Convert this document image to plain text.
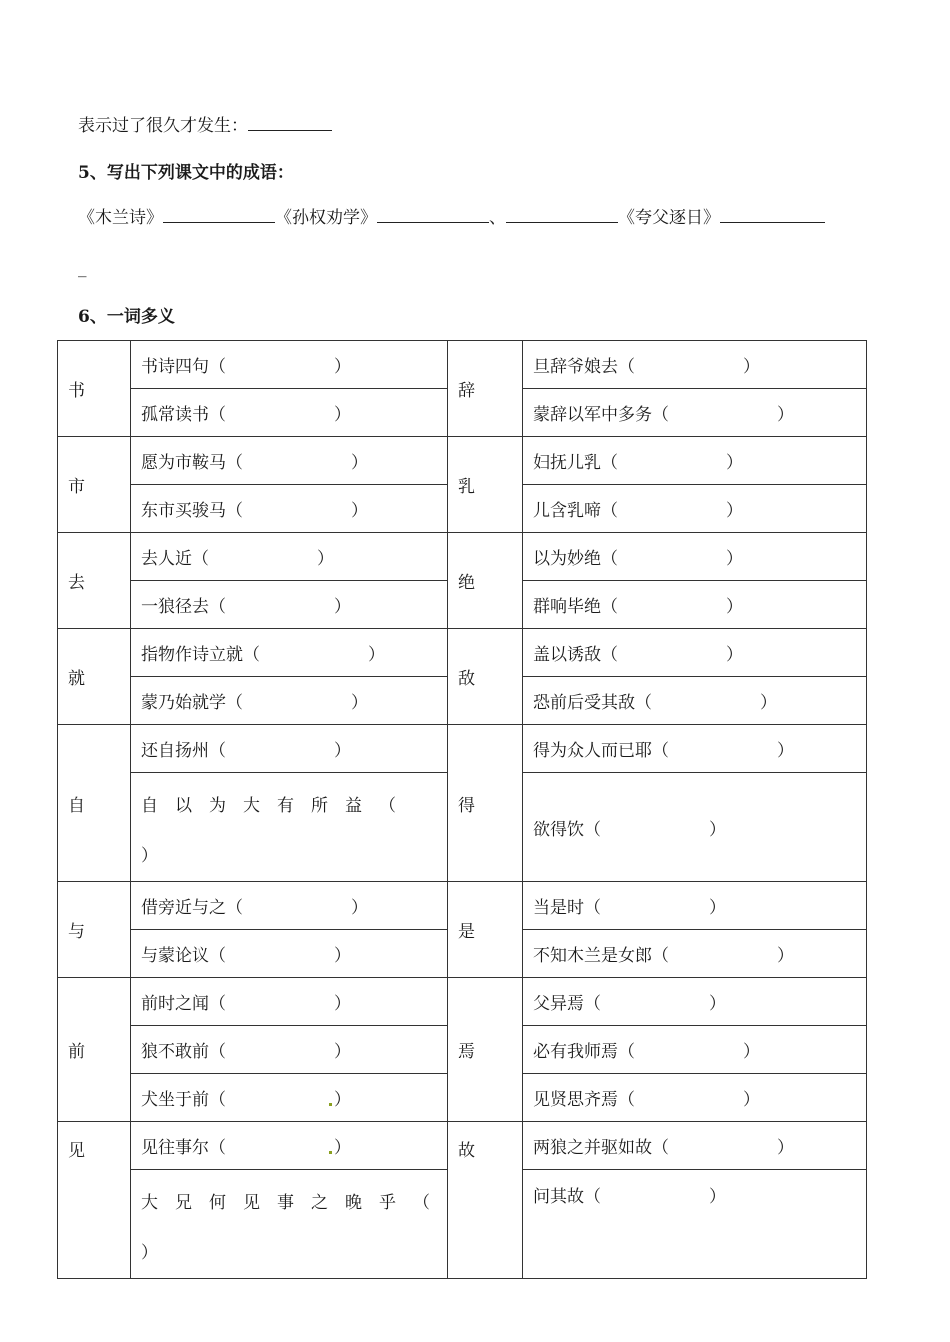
表示过了很久才发生：
5、写出下列课文中的成语：
《木兰诗》	《孙权劝学》	、	《夸父逐日》
_
6、一词多义
书	书诗四句（ ）	辞	旦辞爷娘去（ ）

	孤常读书（ ）		蒙辞以军中多务（ ）

市	愿为市鞍马（ ）	乳	妇抚儿乳（ ）

	东市买骏马（ ）		儿含乳啼（ ）

去	去人近（ ）	绝	以为妙绝（ ）

	一狼径去（ ）		群响毕绝（ ）

就	指物作诗立就（ ）	敌	盖以诱敌（ ）

	蒙乃始就学（ ）		恐前后受其敌（ ）

自	还自扬州（ ）	得	得为众人而已耶（ ）

	自以为大有所益（
）		欲得饮（ ）

与	借旁近与之（ ）	是	当是时（ ）

	与蒙论议（ ）		不知木兰是女郎（ ）

前	前时之闻（ ）	焉	父异焉（ ）

	狼不敢前（ ）		必有我师焉（ ）

	犬坐于前（ ）		见贤思齐焉（ ）

见	见往事尔（ ）	故	两狼之并驱如故（ ）

	大兄何见事之晚乎（
）		问其故（ ）
